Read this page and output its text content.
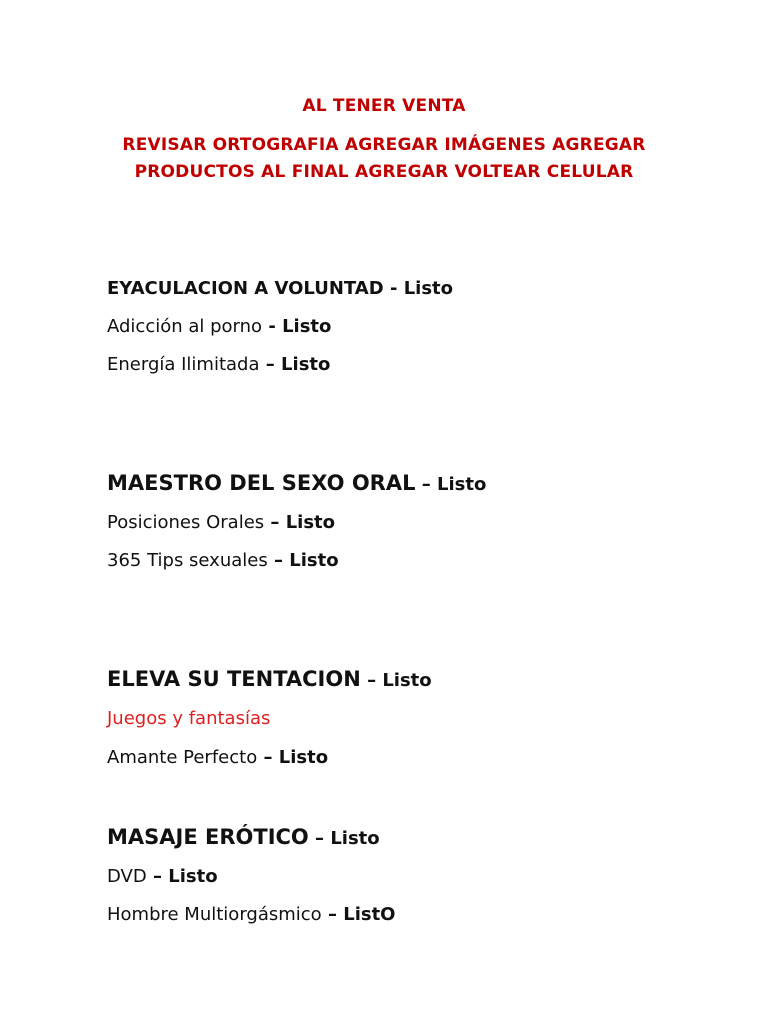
AL TENER VENTA
REVISAR ORTOGRAFIA AGREGAR IMÁGENES AGREGAR
PRODUCTOS AL FINAL AGREGAR VOLTEAR CELULAR
EYACULACION A VOLUNTAD - Listo
Adicción al porno - Listo
Energía Ilimitada – Listo
MAESTRO DEL SEXO ORAL – Listo
Posiciones Orales – Listo
365 Tips sexuales – Listo
ELEVA SU TENTACION – Listo
Juegos y fantasías
Amante Perfecto – Listo
MASAJE ERÓTICO – Listo
DVD – Listo
Hombre Multiorgásmico – ListO
